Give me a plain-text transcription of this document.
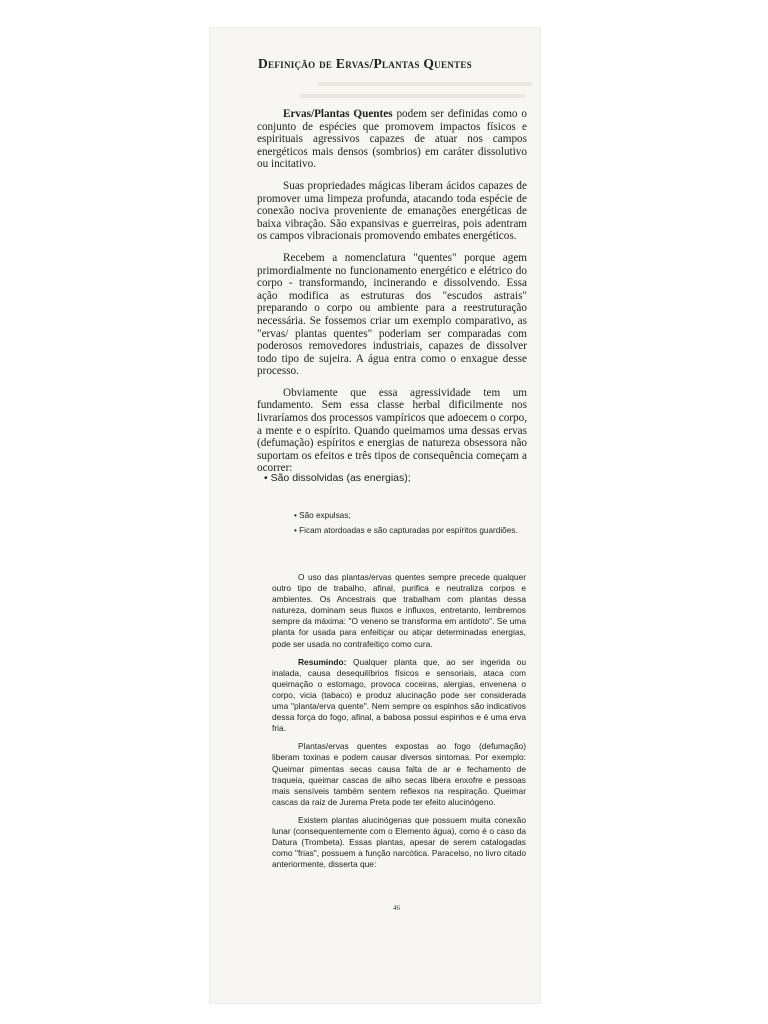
Definição de Ervas/Plantas Quentes

Ervas/Plantas Quentes podem ser definidas como o conjunto de espécies que promovem impactos físicos e espirituais agressivos capazes de atuar nos campos energéticos mais densos (sombrios) em caráter dissolutivo ou incitativo.

Suas propriedades mágicas liberam ácidos capazes de promover uma limpeza profunda, atacando toda espécie de conexão nociva proveniente de emanações energéticas de baixa vibração. São expansivas e guerreiras, pois adentram os campos vibracionais promovendo embates energéticos.

Recebem a nomenclatura "quentes" porque agem primordialmente no funcionamento energético e elétrico do corpo - transformando, incinerando e dissolvendo. Essa ação modifica as estruturas dos "escudos astrais" preparando o corpo ou ambiente para a reestruturação necessária. Se fossemos criar um exemplo comparativo, as "ervas/ plantas quentes" poderiam ser comparadas com poderosos removedores industriais, capazes de dissolver todo tipo de sujeira. A água entra como o enxague desse processo.

Obviamente que essa agressividade tem um fundamento. Sem essa classe herbal dificilmente nos livraríamos dos processos vampíricos que adoecem o corpo, a mente e o espírito. Quando queimamos uma dessas ervas (defumação) espíritos e energias de natureza obsessora não suportam os efeitos e três tipos de consequência começam a ocorrer:

• São dissolvidas (as energias);
• São expulsas;
• Ficam atordoadas e são capturadas por espíritos guardiões.

O uso das plantas/ervas quentes sempre precede qualquer outro tipo de trabalho, afinal, purifica e neutraliza corpos e ambientes. Os Ancestrais que trabalham com plantas dessa natureza, dominam seus fluxos e influxos, entretanto, lembremos sempre da máxima: "O veneno se transforma em antídoto". Se uma planta for usada para enfeitiçar ou atiçar determinadas energias, pode ser usada no contrafeitiço como cura.

Resumindo: Qualquer planta que, ao ser ingerida ou inalada, causa desequilíbrios físicos e sensoriais, ataca com queimação o estomago, provoca coceiras, alergias, envenena o corpo, vicia (tabaco) e produz alucinação pode ser considerada uma "planta/erva quente". Nem sempre os espinhos são indicativos dessa força do fogo, afinal, a babosa possui espinhos e é uma erva fria.

Plantas/ervas quentes expostas ao fogo (defumação) liberam toxinas e podem causar diversos sintomas. Por exemplo: Queimar pimentas secas causa falta de ar e fechamento de traqueia, queimar cascas de alho secas libera enxofre e pessoas mais sensíveis também sentem reflexos na respiração. Queimar cascas da raiz de Jurema Preta pode ter efeito alucinógeno.

Existem plantas alucinógenas que possuem muita conexão lunar (consequentemente com o Elemento água), como é o caso da Datura (Trombeta). Essas plantas, apesar de serem catalogadas como "frias", possuem a função narcótica. Paracelso, no livro citado anteriormente, disserta que:

46
